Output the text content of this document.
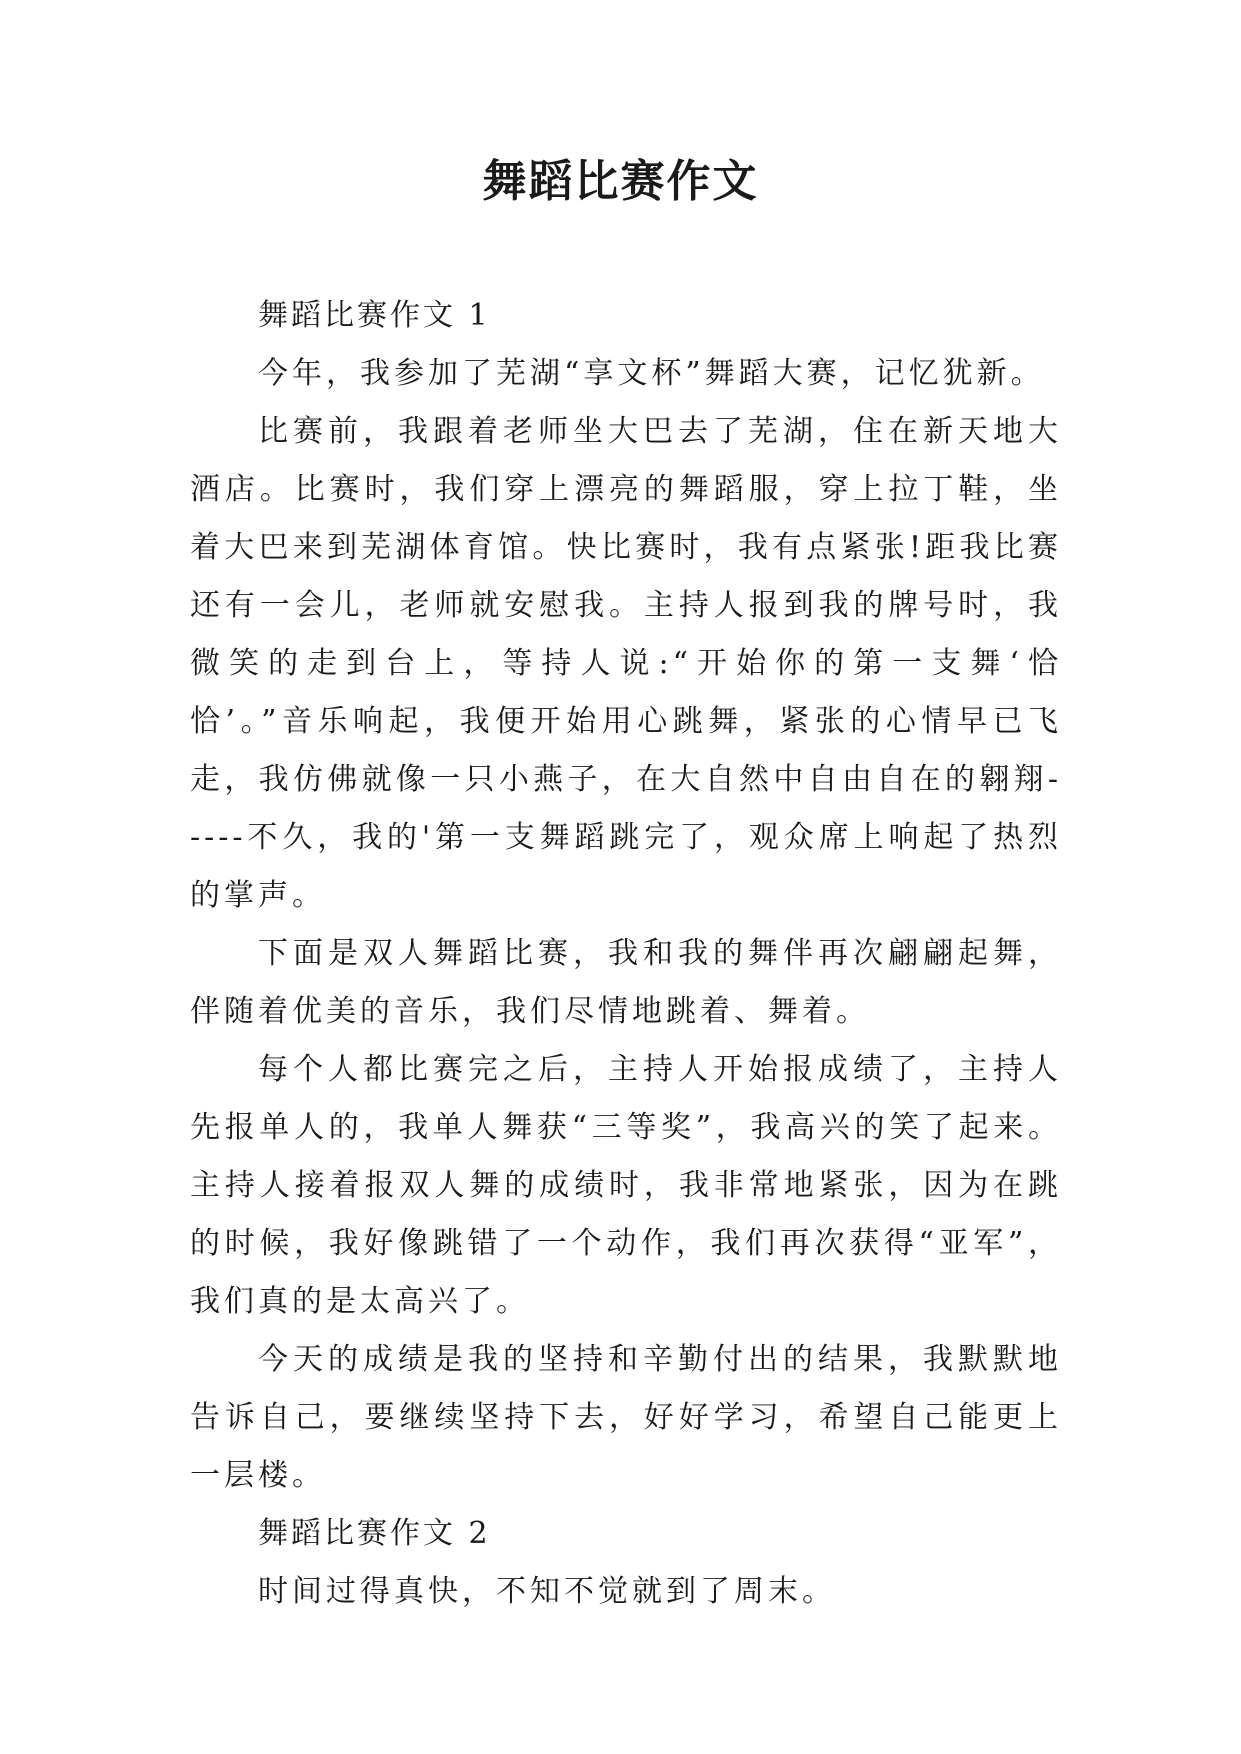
舞蹈比赛作文

舞蹈比赛作文 1

今年，我参加了芜湖“享文杯”舞蹈大赛，记忆犹新。

比赛前，我跟着老师坐大巴去了芜湖，住在新天地大酒店。比赛时，我们穿上漂亮的舞蹈服，穿上拉丁鞋，坐着大巴来到芜湖体育馆。快比赛时，我有点紧张!距我比赛还有一会儿，老师就安慰我。主持人报到我的牌号时，我微笑的走到台上，等持人说:“开始你的第一支舞‘恰恰’。”音乐响起，我便开始用心跳舞，紧张的心情早已飞走，我仿佛就像一只小燕子，在大自然中自由自在的翱翔-----不久，我的'第一支舞蹈跳完了，观众席上响起了热烈的掌声。

下面是双人舞蹈比赛，我和我的舞伴再次翩翩起舞，伴随着优美的音乐，我们尽情地跳着、舞着。

每个人都比赛完之后，主持人开始报成绩了，主持人先报单人的，我单人舞获“三等奖”，我高兴的笑了起来。主持人接着报双人舞的成绩时，我非常地紧张，因为在跳的时候，我好像跳错了一个动作，我们再次获得“亚军”，我们真的是太高兴了。

今天的成绩是我的坚持和辛勤付出的结果，我默默地告诉自己，要继续坚持下去，好好学习，希望自己能更上一层楼。

舞蹈比赛作文 2

时间过得真快，不知不觉就到了周末。
